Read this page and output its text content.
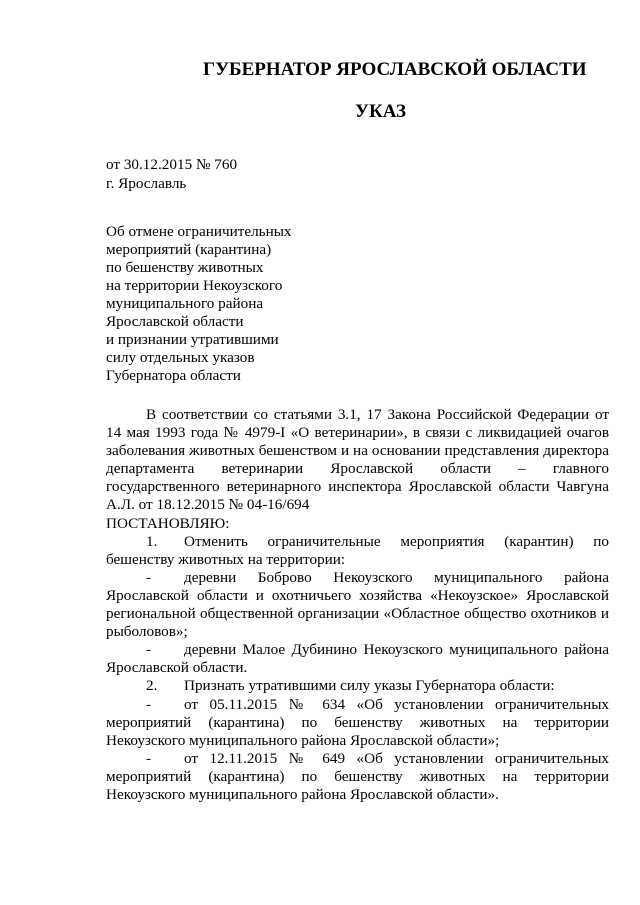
ГУБЕРНАТОР ЯРОСЛАВСКОЙ ОБЛАСТИ
УКАЗ
от 30.12.2015 № 760
г. Ярославль
Об отмене ограничительных
мероприятий (карантина)
по бешенству животных
на территории Некоузского
муниципального района
Ярославской области
и признании утратившими
силу отдельных указов
Губернатора области

В соответствии со статьями 3.1, 17 Закона Российской Федерации от 14 мая 1993 года № 4979-I «О ветеринарии», в связи с ликвидацией очагов заболевания животных бешенством и на основании представления директора департамента ветеринарии Ярославской области – главного государственного ветеринарного инспектора Ярославской области Чавгуна А.Л. от 18.12.2015 № 04-16/694

ПОСТАНОВЛЯЮ:

1.	Отменить ограничительные мероприятия (карантин) по

бешенству животных на территории:

-	деревни Боброво Некоузского муниципального района

Ярославской области и охотничьего хозяйства «Некоузское» Ярославской региональной общественной организации «Областное общество охотников и рыболовов»;

-	деревни Малое Дубинино Некоузского муниципального района

Ярославской области.

2.	Признать утратившими силу указы Губернатора области:
-	от 05.11.2015 № 634 «Об установлении ограничительных

мероприятий (карантина) по бешенству животных на территории Некоузского муниципального района Ярославской области»;

-	от 12.11.2015 № 649 «Об установлении ограничительных

мероприятий (карантина) по бешенству животных на территории Некоузского муниципального района Ярославской области».
